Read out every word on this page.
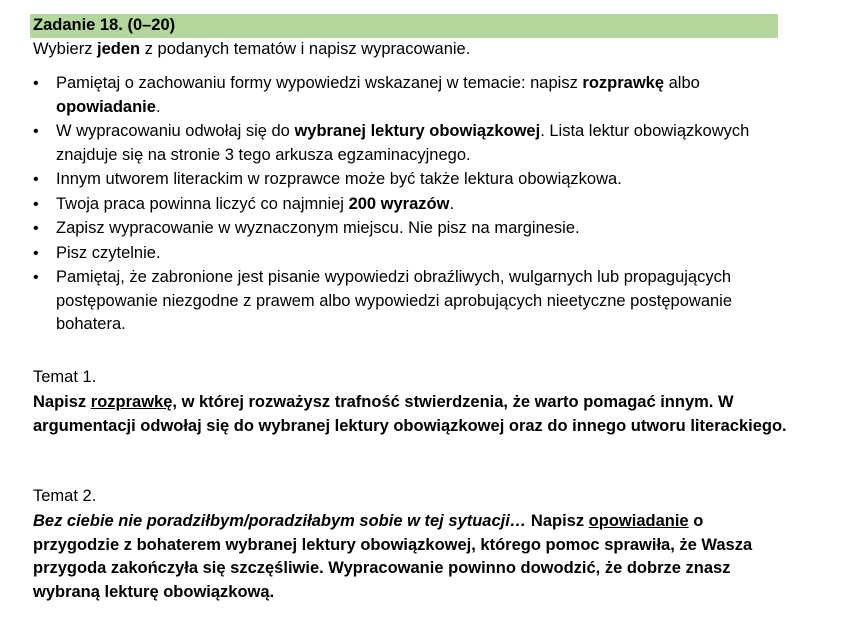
Zadanie 18. (0–20)
Wybierz jeden z podanych tematów i napisz wypracowanie.
• Pamiętaj o zachowaniu formy wypowiedzi wskazanej w temacie: napisz rozprawkę albo opowiadanie.
• W wypracowaniu odwołaj się do wybranej lektury obowiązkowej. Lista lektur obowiązkowych znajduje się na stronie 3 tego arkusza egzaminacyjnego.
• Innym utworem literackim w rozprawce może być także lektura obowiązkowa.
• Twoja praca powinna liczyć co najmniej 200 wyrazów.
• Zapisz wypracowanie w wyznaczonym miejscu. Nie pisz na marginesie.
• Pisz czytelnie.
• Pamiętaj, że zabronione jest pisanie wypowiedzi obraźliwych, wulgarnych lub propagujących postępowanie niezgodne z prawem albo wypowiedzi aprobujących nieetyczne postępowanie bohatera.
Temat 1.
Napisz rozprawkę, w której rozważysz trafność stwierdzenia, że warto pomagać innym. W argumentacji odwołaj się do wybranej lektury obowiązkowej oraz do innego utworu literackiego.
Temat 2.
Bez ciebie nie poradziłbym/poradziłabym sobie w tej sytuacji… Napisz opowiadanie o przygodzie z bohaterem wybranej lektury obowiązkowej, którego pomoc sprawiła, że Wasza przygoda zakończyła się szczęśliwie. Wypracowanie powinno dowodzić, że dobrze znasz wybraną lekturę obowiązkową.
